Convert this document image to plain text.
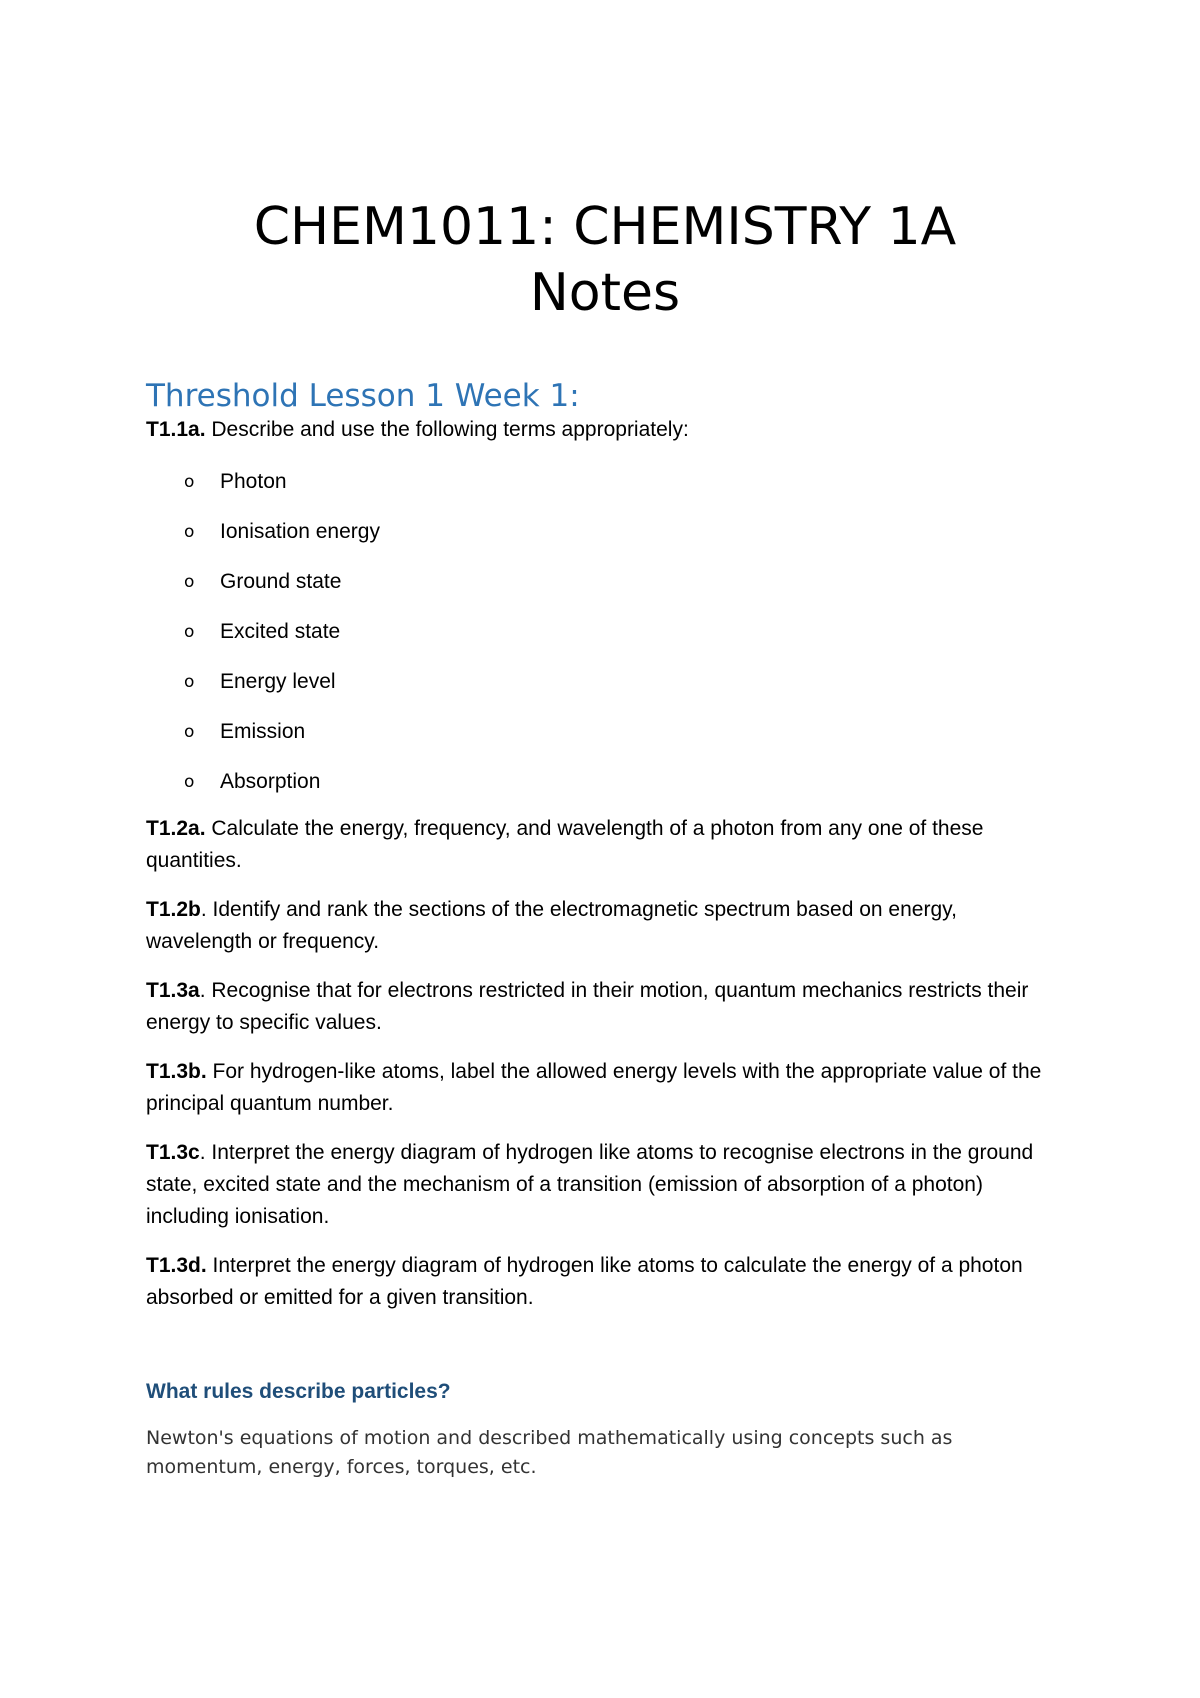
CHEM1011: CHEMISTRY 1A
Notes
Threshold Lesson 1 Week 1:

T1.1a. Describe and use the following terms appropriately:

o Photon
o Ionisation energy
o Ground state
o Excited state
o Energy level
o Emission
o Absorption

T1.2a. Calculate the energy, frequency, and wavelength of a photon from any one of these quantities.

T1.2b. Identify and rank the sections of the electromagnetic spectrum based on energy, wavelength or frequency.

T1.3a. Recognise that for electrons restricted in their motion, quantum mechanics restricts their energy to specific values.

T1.3b. For hydrogen-like atoms, label the allowed energy levels with the appropriate value of the principal quantum number.

T1.3c. Interpret the energy diagram of hydrogen like atoms to recognise electrons in the ground state, excited state and the mechanism of a transition (emission of absorption of a photon) including ionisation.

T1.3d. Interpret the energy diagram of hydrogen like atoms to calculate the energy of a photon absorbed or emitted for a given transition.

What rules describe particles?

Newton's equations of motion and described mathematically using concepts such as momentum, energy, forces, torques, etc.
